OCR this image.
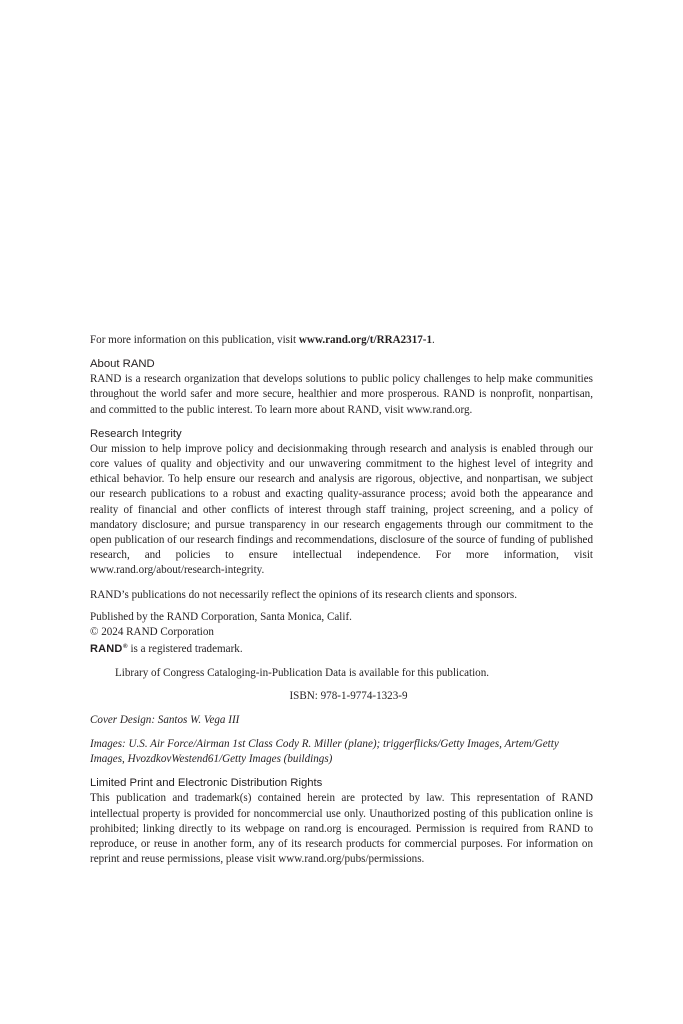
For more information on this publication, visit www.rand.org/t/RRA2317-1.

About RAND

RAND is a research organization that develops solutions to public policy challenges to help make communities throughout the world safer and more secure, healthier and more prosperous. RAND is nonprofit, nonpartisan, and committed to the public interest. To learn more about RAND, visit www.rand.org.

Research Integrity

Our mission to help improve policy and decisionmaking through research and analysis is enabled through our core values of quality and objectivity and our unwavering commitment to the highest level of integrity and ethical behavior. To help ensure our research and analysis are rigorous, objective, and nonpartisan, we subject our research publications to a robust and exacting quality-assurance process; avoid both the appearance and reality of financial and other conflicts of interest through staff training, project screening, and a policy of mandatory disclosure; and pursue transparency in our research engagements through our commitment to the open publication of our research findings and recommendations, disclosure of the source of funding of published research, and policies to ensure intellectual independence. For more information, visit www.rand.org/about/research-integrity.

RAND’s publications do not necessarily reflect the opinions of its research clients and sponsors.

Published by the RAND Corporation, Santa Monica, Calif.

© 2024 RAND Corporation

RAND® is a registered trademark.

Library of Congress Cataloging-in-Publication Data is available for this publication.

ISBN: 978-1-9774-1323-9

Cover Design: Santos W. Vega III

Images: U.S. Air Force/Airman 1st Class Cody R. Miller (plane); triggerflicks/Getty Images, Artem/Getty Images, HvozdkovWestend61/Getty Images (buildings)

Limited Print and Electronic Distribution Rights

This publication and trademark(s) contained herein are protected by law. This representation of RAND intellectual property is provided for noncommercial use only. Unauthorized posting of this publication online is prohibited; linking directly to its webpage on rand.org is encouraged. Permission is required from RAND to reproduce, or reuse in another form, any of its research products for commercial purposes. For information on reprint and reuse permissions, please visit www.rand.org/pubs/permissions.
